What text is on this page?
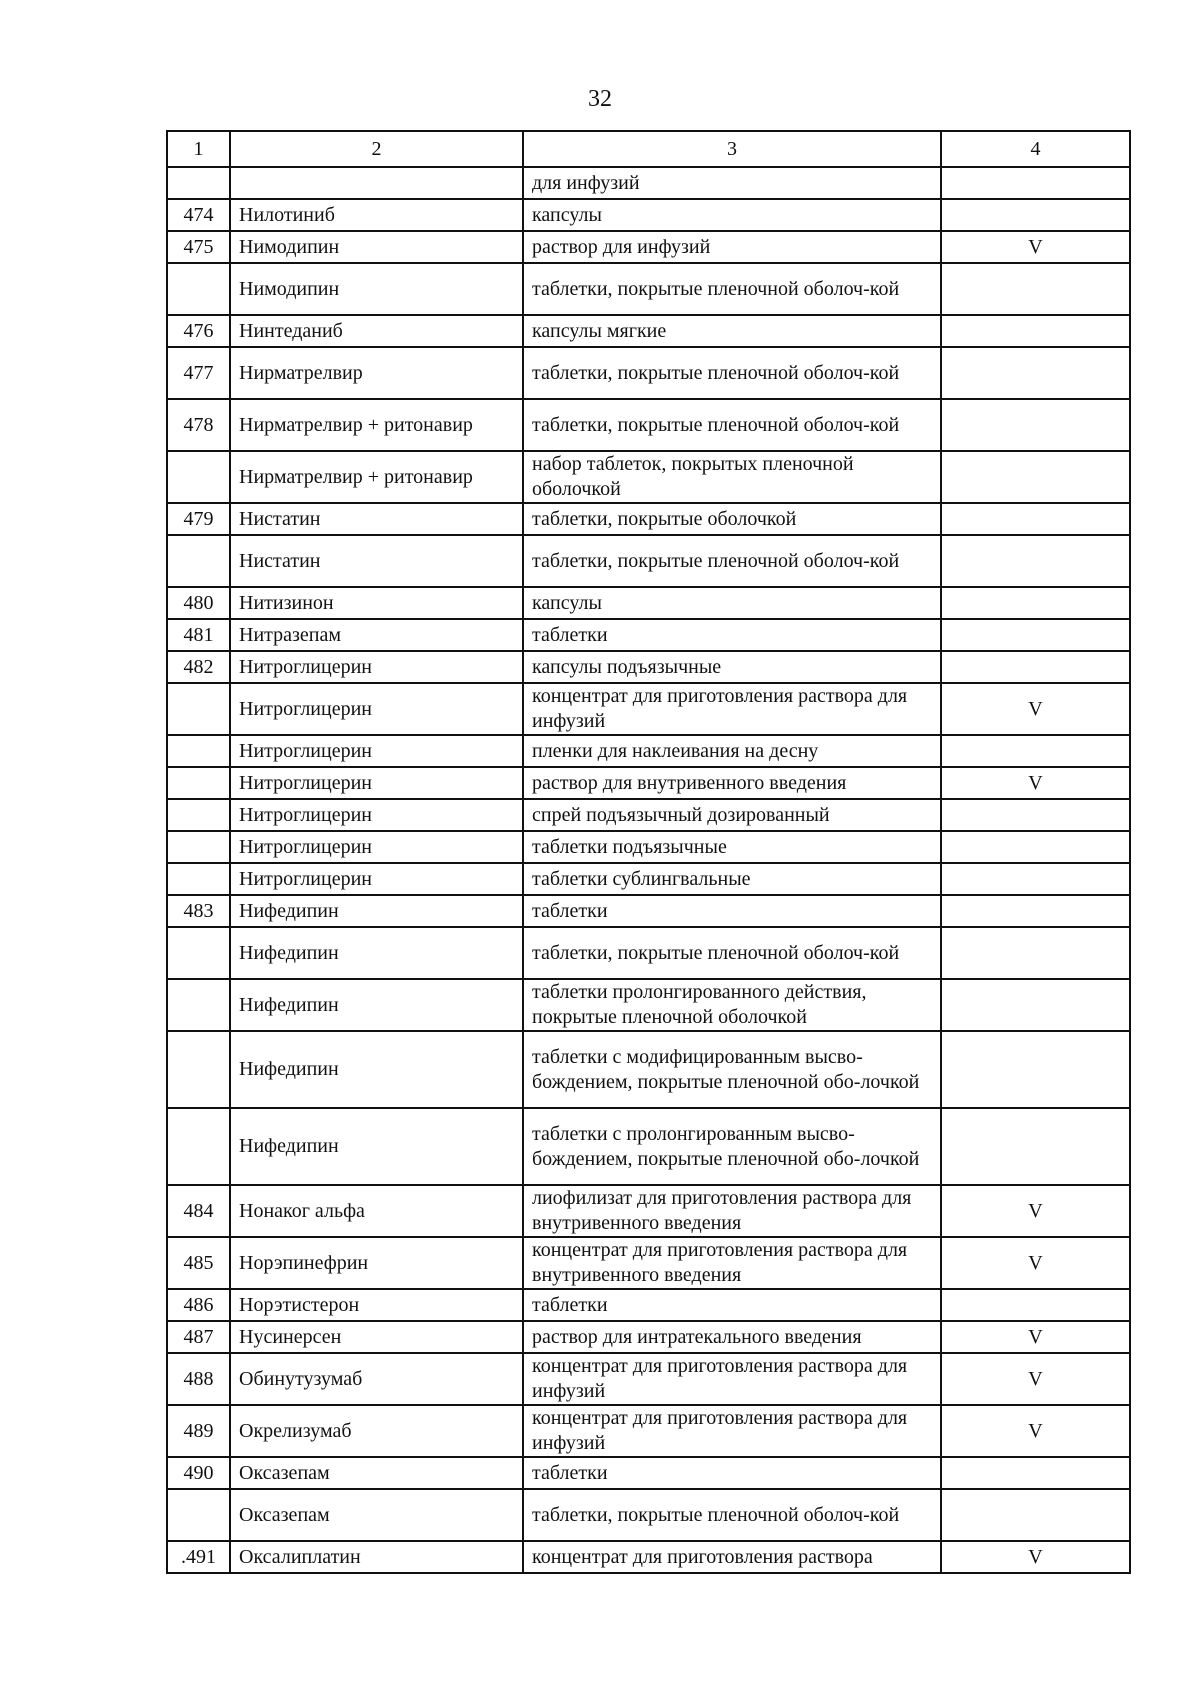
32
1	2	3	4
		для инфузий	
474	Нилотиниб	капсулы	
475	Нимодипин	раствор для инфузий	V
	Нимодипин	таблетки, покрытые пленочной оболоч-кой	
476	Нинтеданиб	капсулы мягкие	
477	Нирматрелвир	таблетки, покрытые пленочной оболоч-кой	
478	Нирматрелвир + ритонавир	таблетки, покрытые пленочной оболоч-кой	
	Нирматрелвир + ритонавир	набор таблеток, покрытых пленочной оболочкой	
479	Нистатин	таблетки, покрытые оболочкой	
	Нистатин	таблетки, покрытые пленочной оболоч-кой	
480	Нитизинон	капсулы	
481	Нитразепам	таблетки	
482	Нитроглицерин	капсулы подъязычные	
	Нитроглицерин	концентрат для приготовления раствора для инфузий	V
	Нитроглицерин	пленки для наклеивания на десну	
	Нитроглицерин	раствор для внутривенного введения	V
	Нитроглицерин	спрей подъязычный дозированный	
	Нитроглицерин	таблетки подъязычные	
	Нитроглицерин	таблетки сублингвальные	
483	Нифедипин	таблетки	
	Нифедипин	таблетки, покрытые пленочной оболоч-кой	
	Нифедипин	таблетки пролонгированного действия, покрытые пленочной оболочкой	
	Нифедипин	таблетки с модифицированным высво-бождением, покрытые пленочной обо-лочкой	
	Нифедипин	таблетки с пролонгированным высво-бождением, покрытые пленочной обо-лочкой	
484	Нонаког альфа	лиофилизат для приготовления раствора для внутривенного введения	V
485	Норэпинефрин	концентрат для приготовления раствора для внутривенного введения	V
486	Норэтистерон	таблетки	
487	Нусинерсен	раствор для интратекального введения	V
488	Обинутузумаб	концентрат для приготовления раствора для инфузий	V
489	Окрелизумаб	концентрат для приготовления раствора для инфузий	V
490	Оксазепам	таблетки	
	Оксазепам	таблетки, покрытые пленочной оболоч-кой	
.491	Оксалиплатин	концентрат для приготовления раствора	V
